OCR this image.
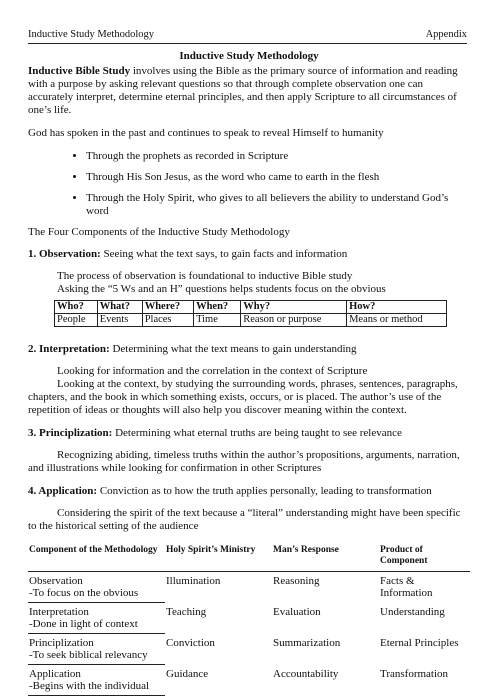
Inductive Study Methodology	Appendix

Inductive Study Methodology

Inductive Bible Study involves using the Bible as the primary source of information and reading with a purpose by asking relevant questions so that through complete observation one can accurately interpret, determine eternal principles, and then apply Scripture to all circumstances of one’s life.

God has spoken in the past and continues to speak to reveal Himself to humanity

• Through the prophets as recorded in Scripture
• Through His Son Jesus, as the word who came to earth in the flesh
• Through the Holy Spirit, who gives to all believers the ability to understand God’s word

The Four Components of the Inductive Study Methodology

1. Observation: Seeing what the text says, to gain facts and information

The process of observation is foundational to inductive Bible study

Asking the “5 Ws and an H” questions helps students focus on the obvious

Who?	What?	Where?	When?	Why?	How?
People	Events	Places	Time	Reason or purpose	Means or method

2. Interpretation: Determining what the text means to gain understanding

Looking for information and the correlation in the context of Scripture

Looking at the context, by studying the surrounding words, phrases, sentences, paragraphs, chapters, and the book in which something exists, occurs, or is placed. The author’s use of the repetition of ideas or thoughts will also help you discover meaning within the context.

3. Principlization: Determining what eternal truths are being taught to see relevance

Recognizing abiding, timeless truths within the author’s propositions, arguments, narration, and illustrations while looking for confirmation in other Scriptures

4. Application: Conviction as to how the truth applies personally, leading to transformation

Considering the spirit of the text because a “literal” understanding might have been specific to the historical setting of the audience

Component of the Methodology	Holy Spirit’s Ministry	Man’s Response	Product of Component

Observation
-To focus on the obvious	Illumination	Reasoning	Facts & Information

Interpretation
-Done in light of context	Teaching	Evaluation	Understanding

Principlization
-To seek biblical relevancy	Conviction	Summarization	Eternal Principles

Application
-Begins with the individual	Guidance	Accountability	Transformation
